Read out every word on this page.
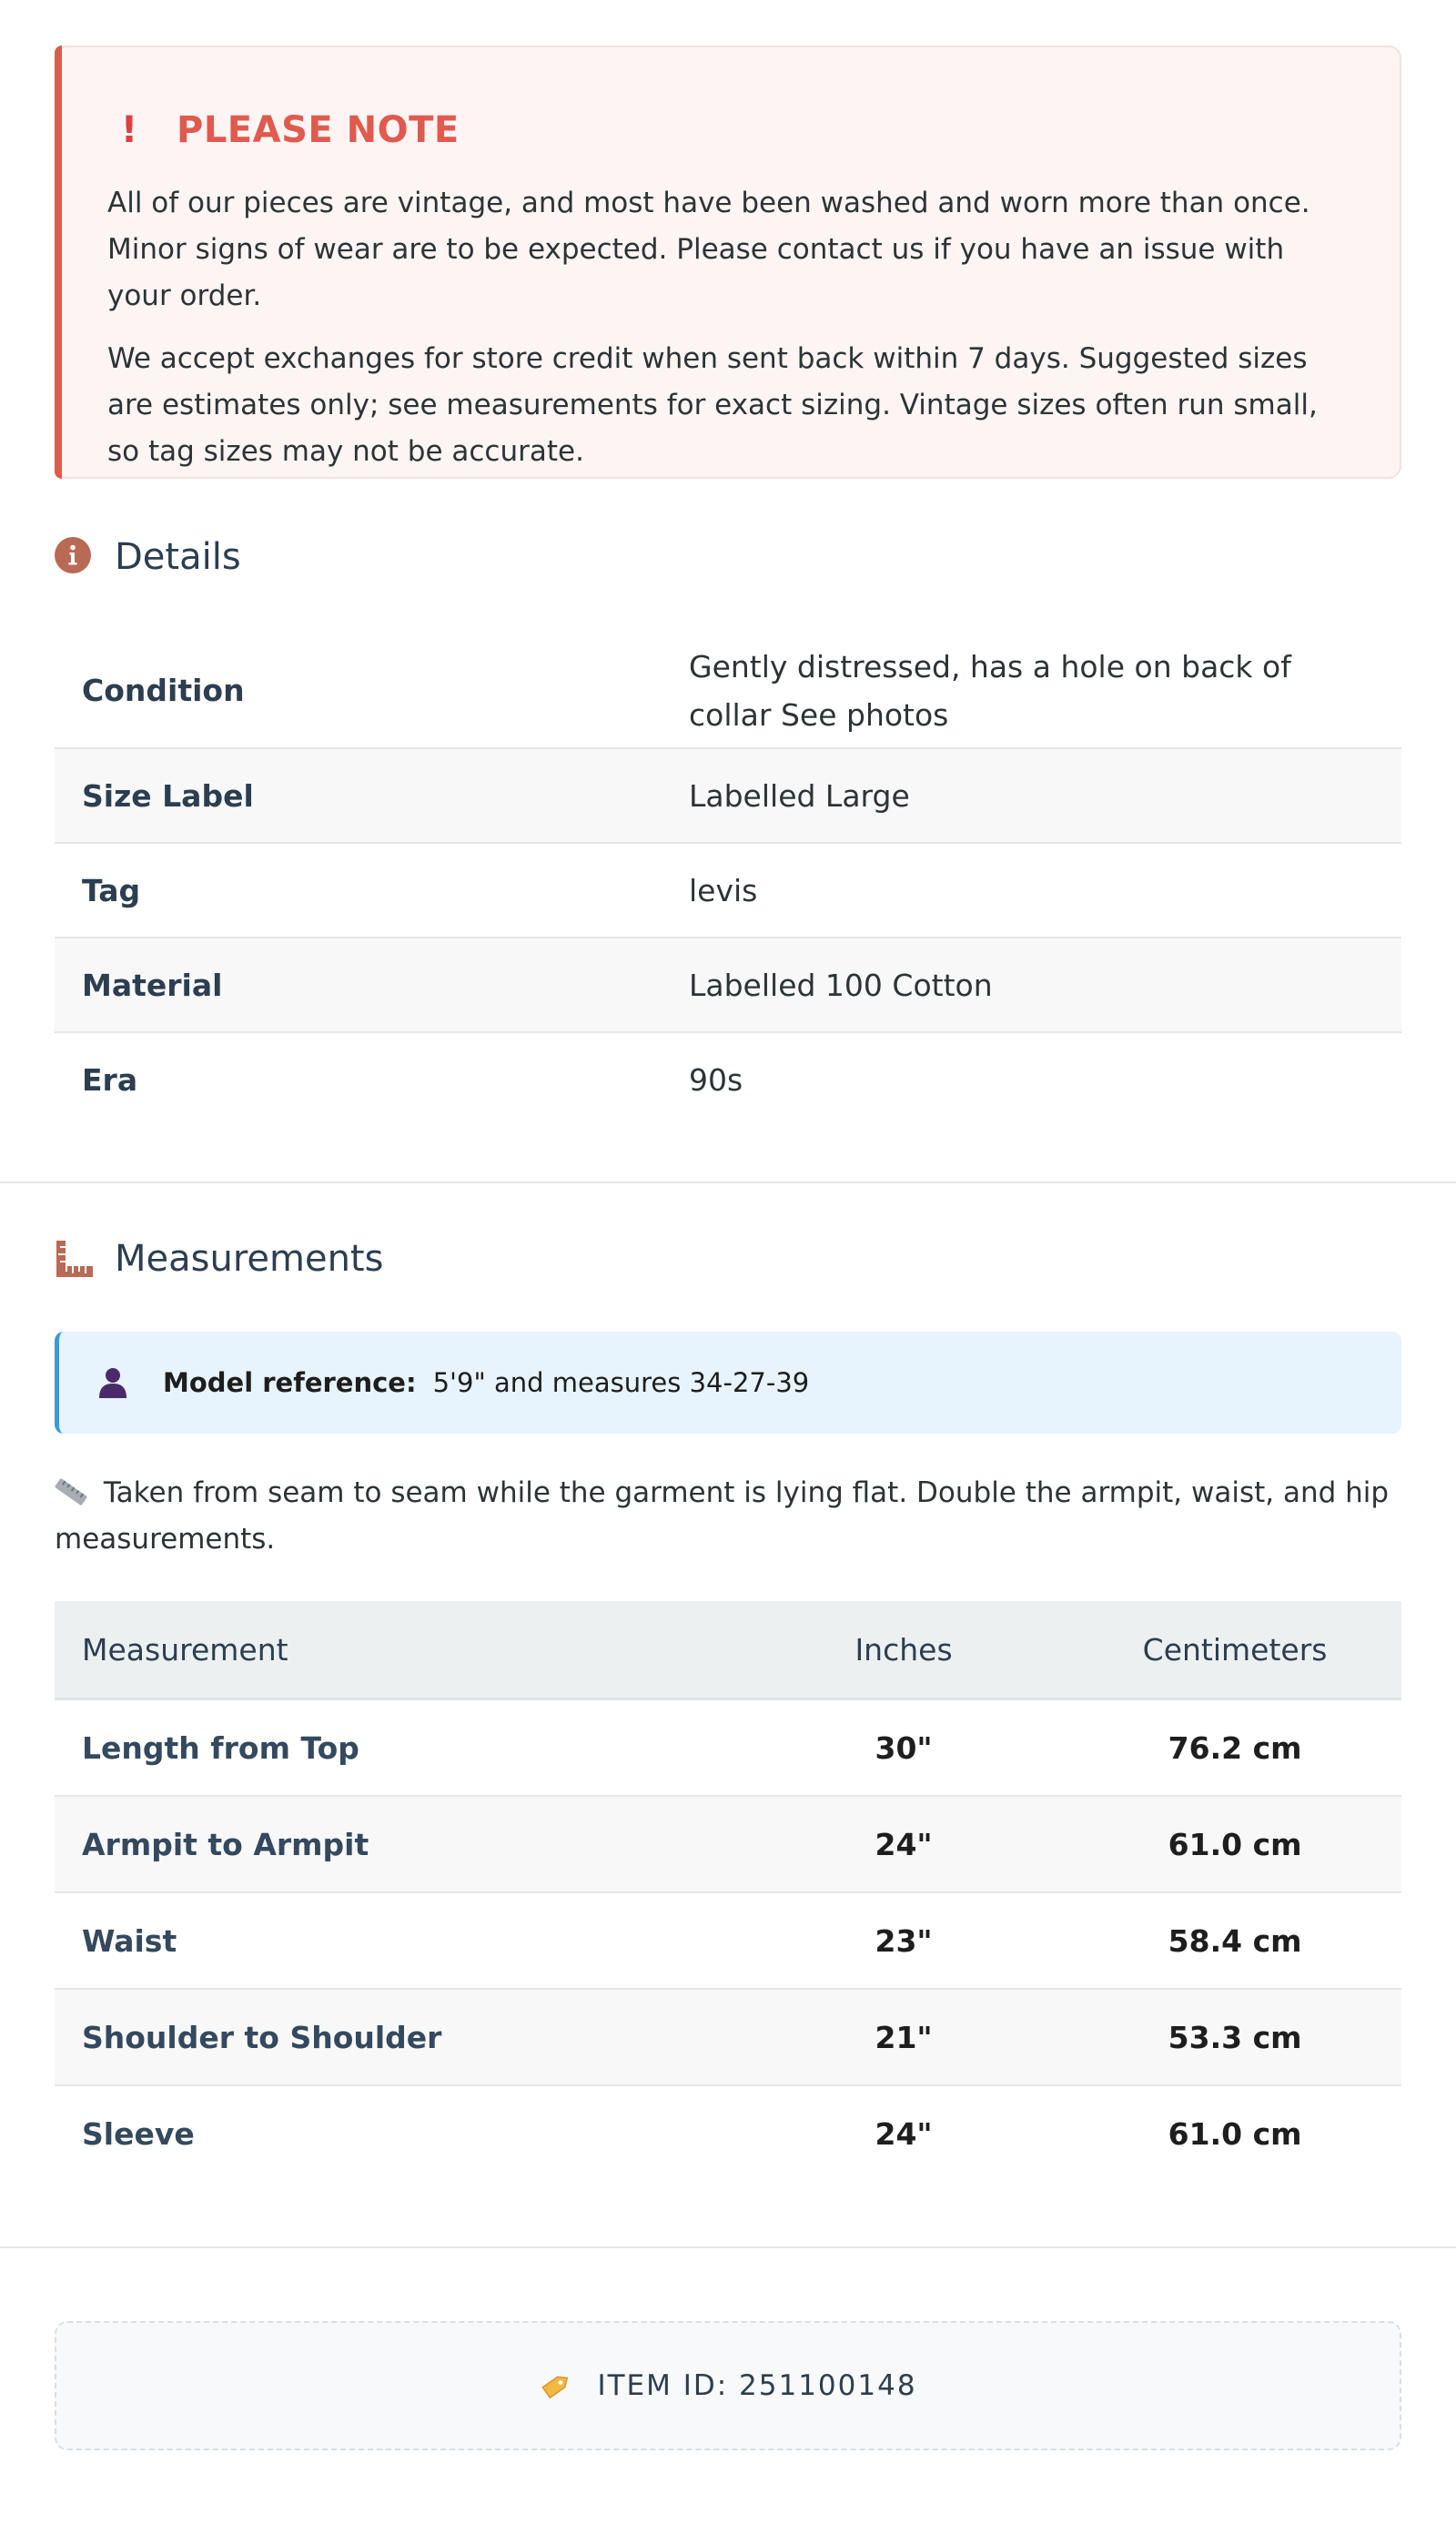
! PLEASE NOTE

All of our pieces are vintage, and most have been washed and worn more than once. Minor signs of wear are to be expected. Please contact us if you have an issue with your order.

We accept exchanges for store credit when sent back within 7 days. Suggested sizes are estimates only; see measurements for exact sizing. Vintage sizes often run small, so tag sizes may not be accurate.

Details
Condition	Gently distressed, has a hole on back of collar See photos
Size Label	Labelled Large
Tag	levis
Material	Labelled 100 Cotton
Era	90s
Measurements
Model reference: 5'9" and measures 34-27-39
Taken from seam to seam while the garment is lying flat. Double the armpit, waist, and hip measurements.
Measurement	Inches	Centimeters
Length from Top	30"	76.2 cm
Armpit to Armpit	24"	61.0 cm
Waist	23"	58.4 cm
Shoulder to Shoulder	21"	53.3 cm
Sleeve	24"	61.0 cm
ITEM ID: 251100148
